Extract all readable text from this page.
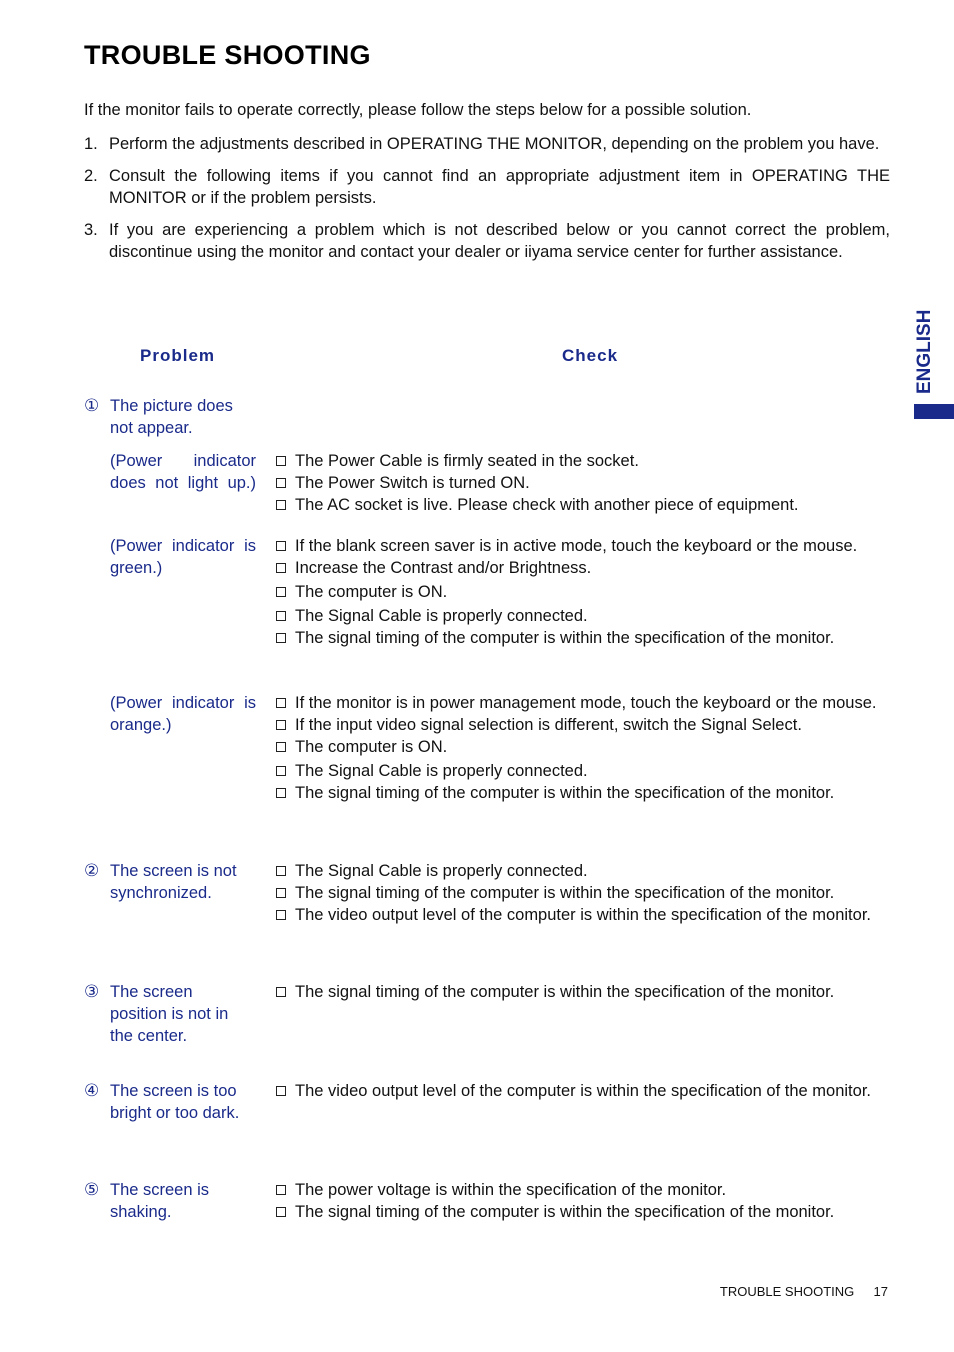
TROUBLE SHOOTING
If the monitor fails to operate correctly, please follow the steps below for a possible solution.
1. Perform the adjustments described in OPERATING THE MONITOR, depending on the problem you have.
2. Consult the following items if you cannot find an appropriate adjustment item in OPERATING THE MONITOR or if the problem persists.
3. If you are experiencing a problem which is not described below or you cannot correct the problem, discontinue using the monitor and contact your dealer or iiyama service center for further assistance.
Problem	Check
① The picture does not appear.
(Power indicator does not light up.)
The Power Cable is firmly seated in the socket.
The Power Switch is turned ON.
The AC socket is live. Please check with another piece of equipment.
(Power indicator is green.)
If the blank screen saver is in active mode, touch the keyboard or the mouse.
Increase the Contrast and/or Brightness.
The computer is ON.
The Signal Cable is properly connected.
The signal timing of the computer is within the specification of the monitor.
(Power indicator is orange.)
If the monitor is in power management mode, touch the keyboard or the mouse.
If the input video signal selection is different, switch the Signal Select.
The computer is ON.
The Signal Cable is properly connected.
The signal timing of the computer is within the specification of the monitor.
② The screen is not synchronized.
The Signal Cable is properly connected.
The signal timing of the computer is within the specification of the monitor.
The video output level of the computer is within the specification of the monitor.
③ The screen position is not in the center.
The signal timing of the computer is within the specification of the monitor.
④ The screen is too bright or too dark.
The video output level of the computer is within the specification of the monitor.
⑤ The screen is shaking.
The power voltage is within the specification of the monitor.
The signal timing of the computer is within the specification of the monitor.
ENGLISH
TROUBLE SHOOTING 17
